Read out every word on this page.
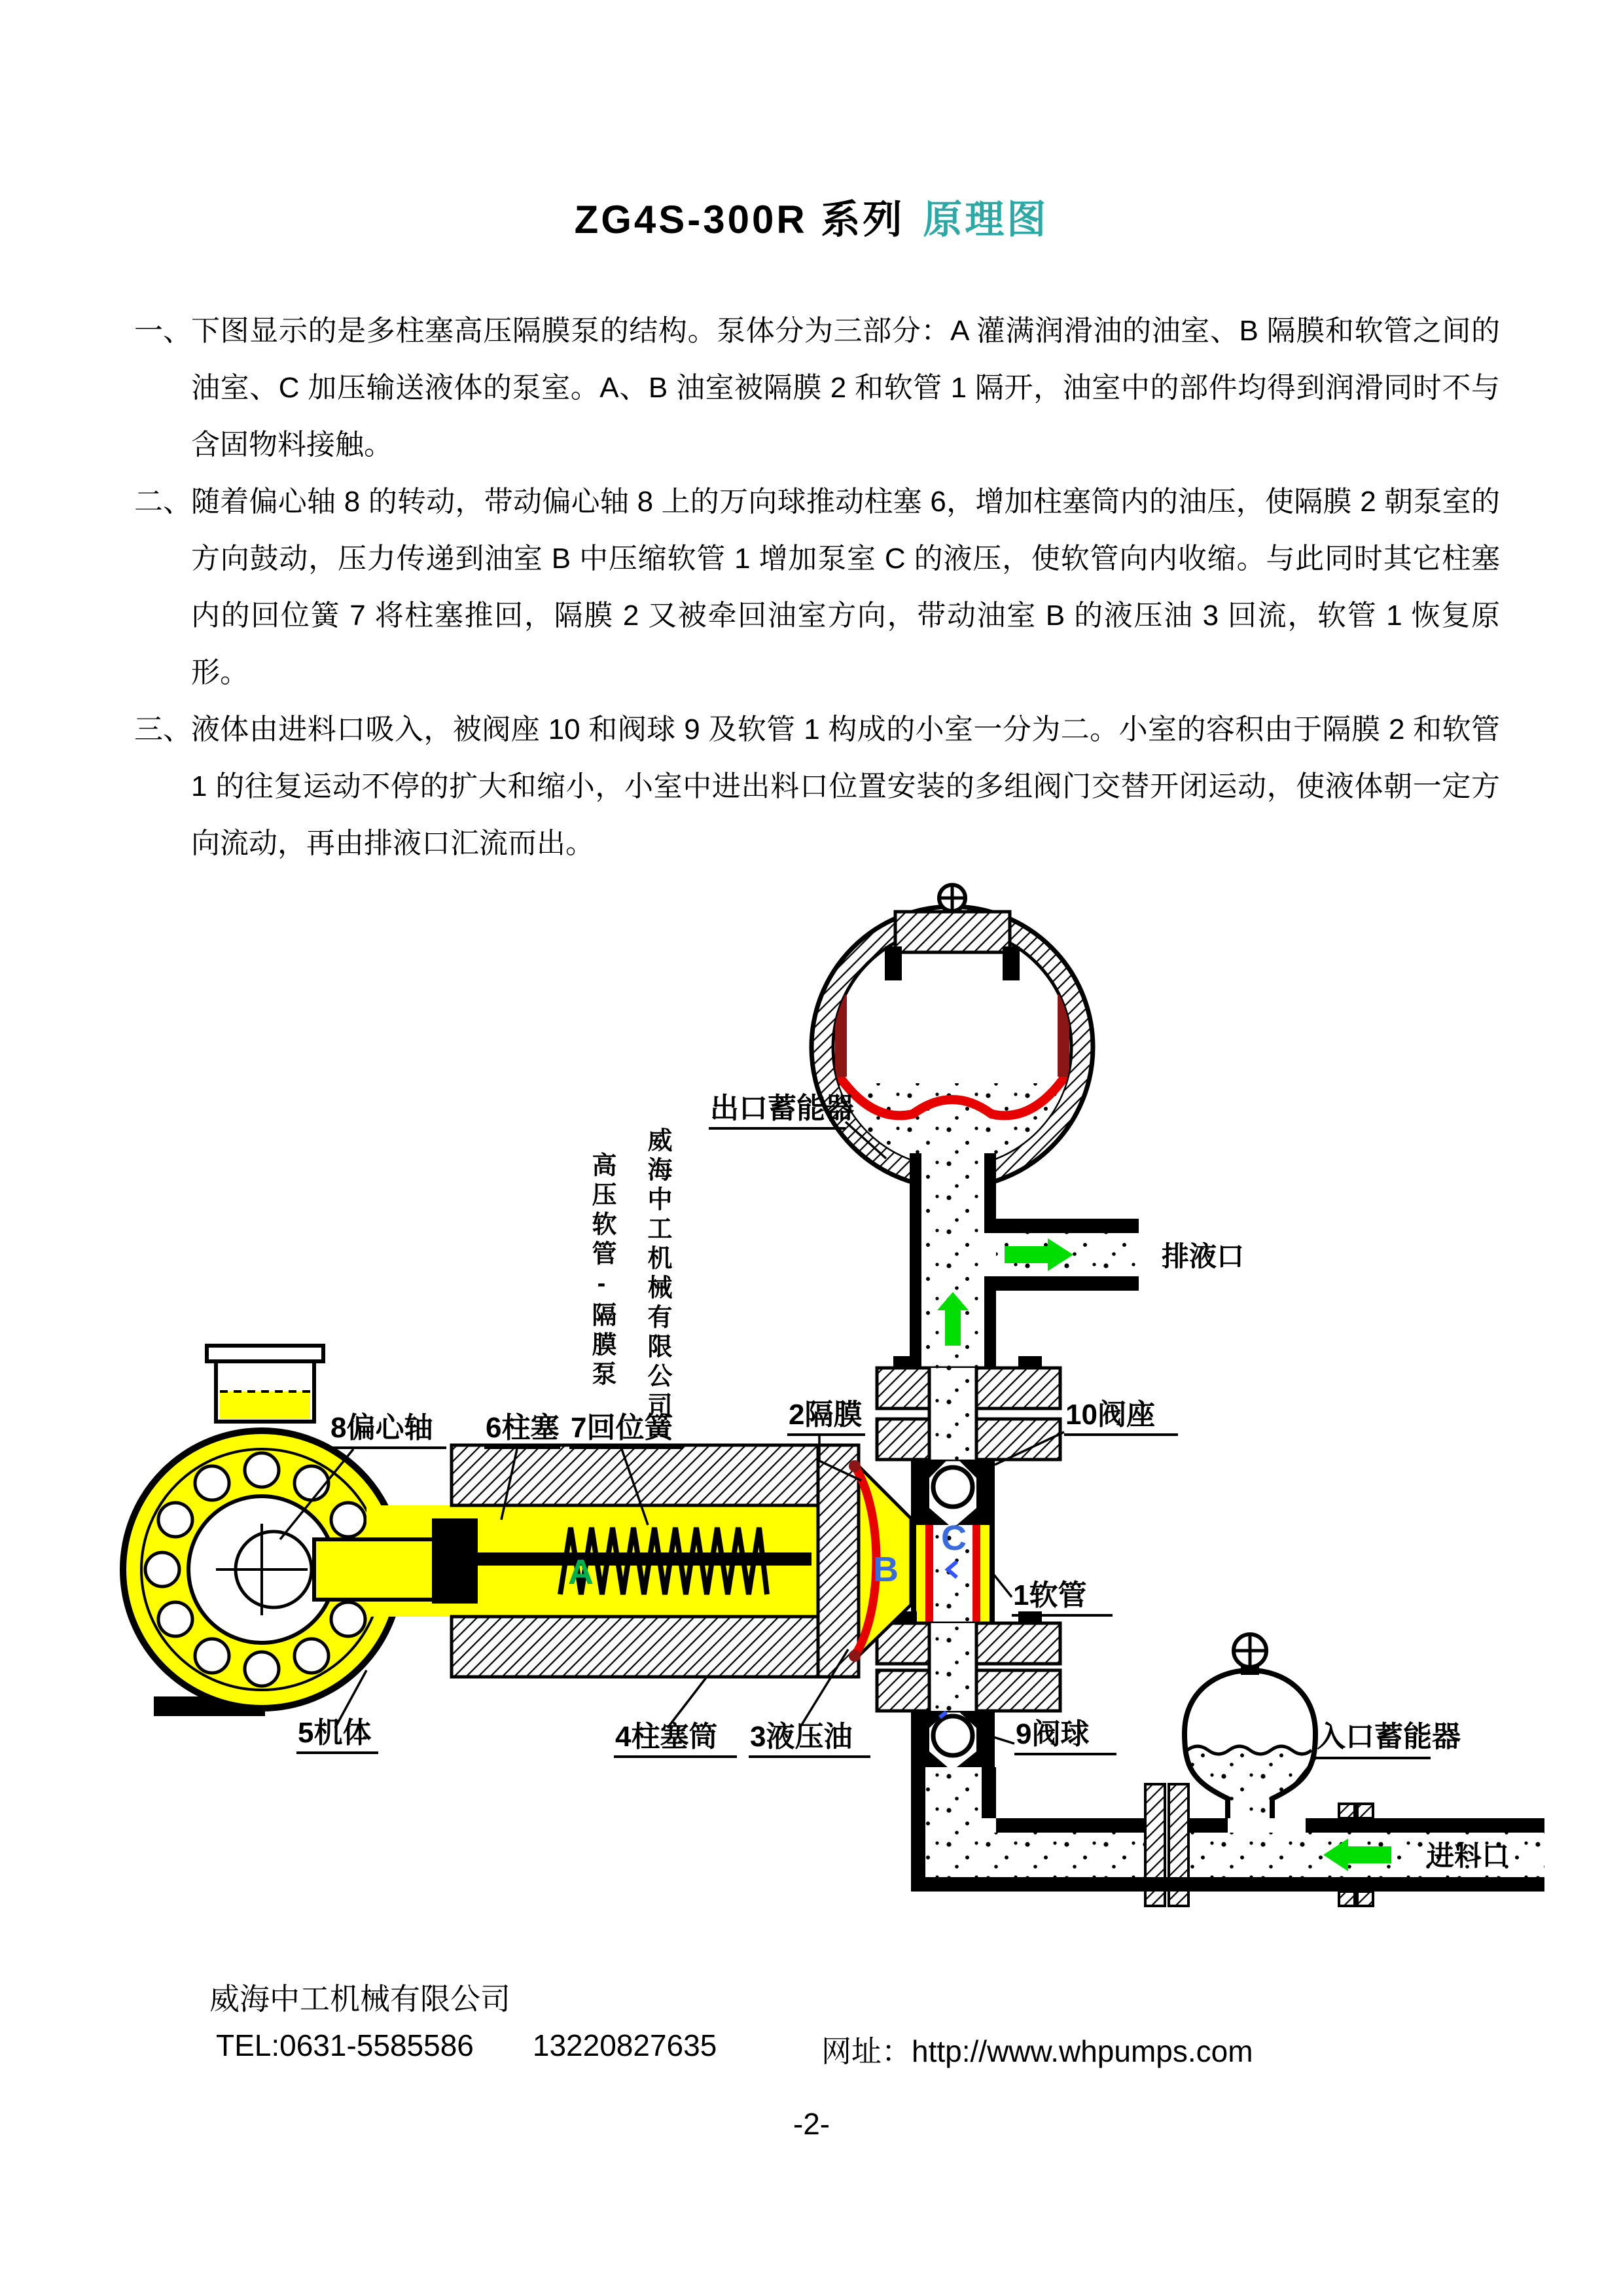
ZG4S-300R 系列 原理图
一、 下图显示的是多柱塞高压隔膜泵的结构。泵体分为三部分：A 灌满润滑油的油室、B 隔膜和软管之间的油室、C 加压输送液体的泵室。A、B 油室被隔膜 2 和软管 1 隔开，油室中的部件均得到润滑同时不与含固物料接触。

二、 随着偏心轴 8 的转动，带动偏心轴 8 上的万向球推动柱塞 6，增加柱塞筒内的油压，使隔膜 2 朝泵室的方向鼓动，压力传递到油室 B 中压缩软管 1 增加泵室 C 的液压，使软管向内收缩。与此同时其它柱塞内的回位簧 7 将柱塞推回，隔膜 2 又被牵回油室方向，带动油室 B 的液压油 3 回流，软管 1 恢复原形。

三、 液体由进料口吸入，被阀座 10 和阀球 9 及软管 1 构成的小室一分为二。小室的容积由于隔膜 2 和软管 1 的往复运动不停的扩大和缩小，小室中进出料口位置安装的多组阀门交替开闭运动，使液体朝一定方向流动，再由排液口汇流而出。

出口蓄能器
排液口
10阀座
C
1软管
9阀球
进料口
入口蓄能器
A	B
8偏心轴 6柱塞 7回位簧	2隔膜
5机体	4柱塞筒 3液压油
威海中工机械有限公司
高压软管-隔膜泵
威海中工机械有限公司
TEL:0631-5585586 13220827635	网址：http://www.whpumps.com
-2-
